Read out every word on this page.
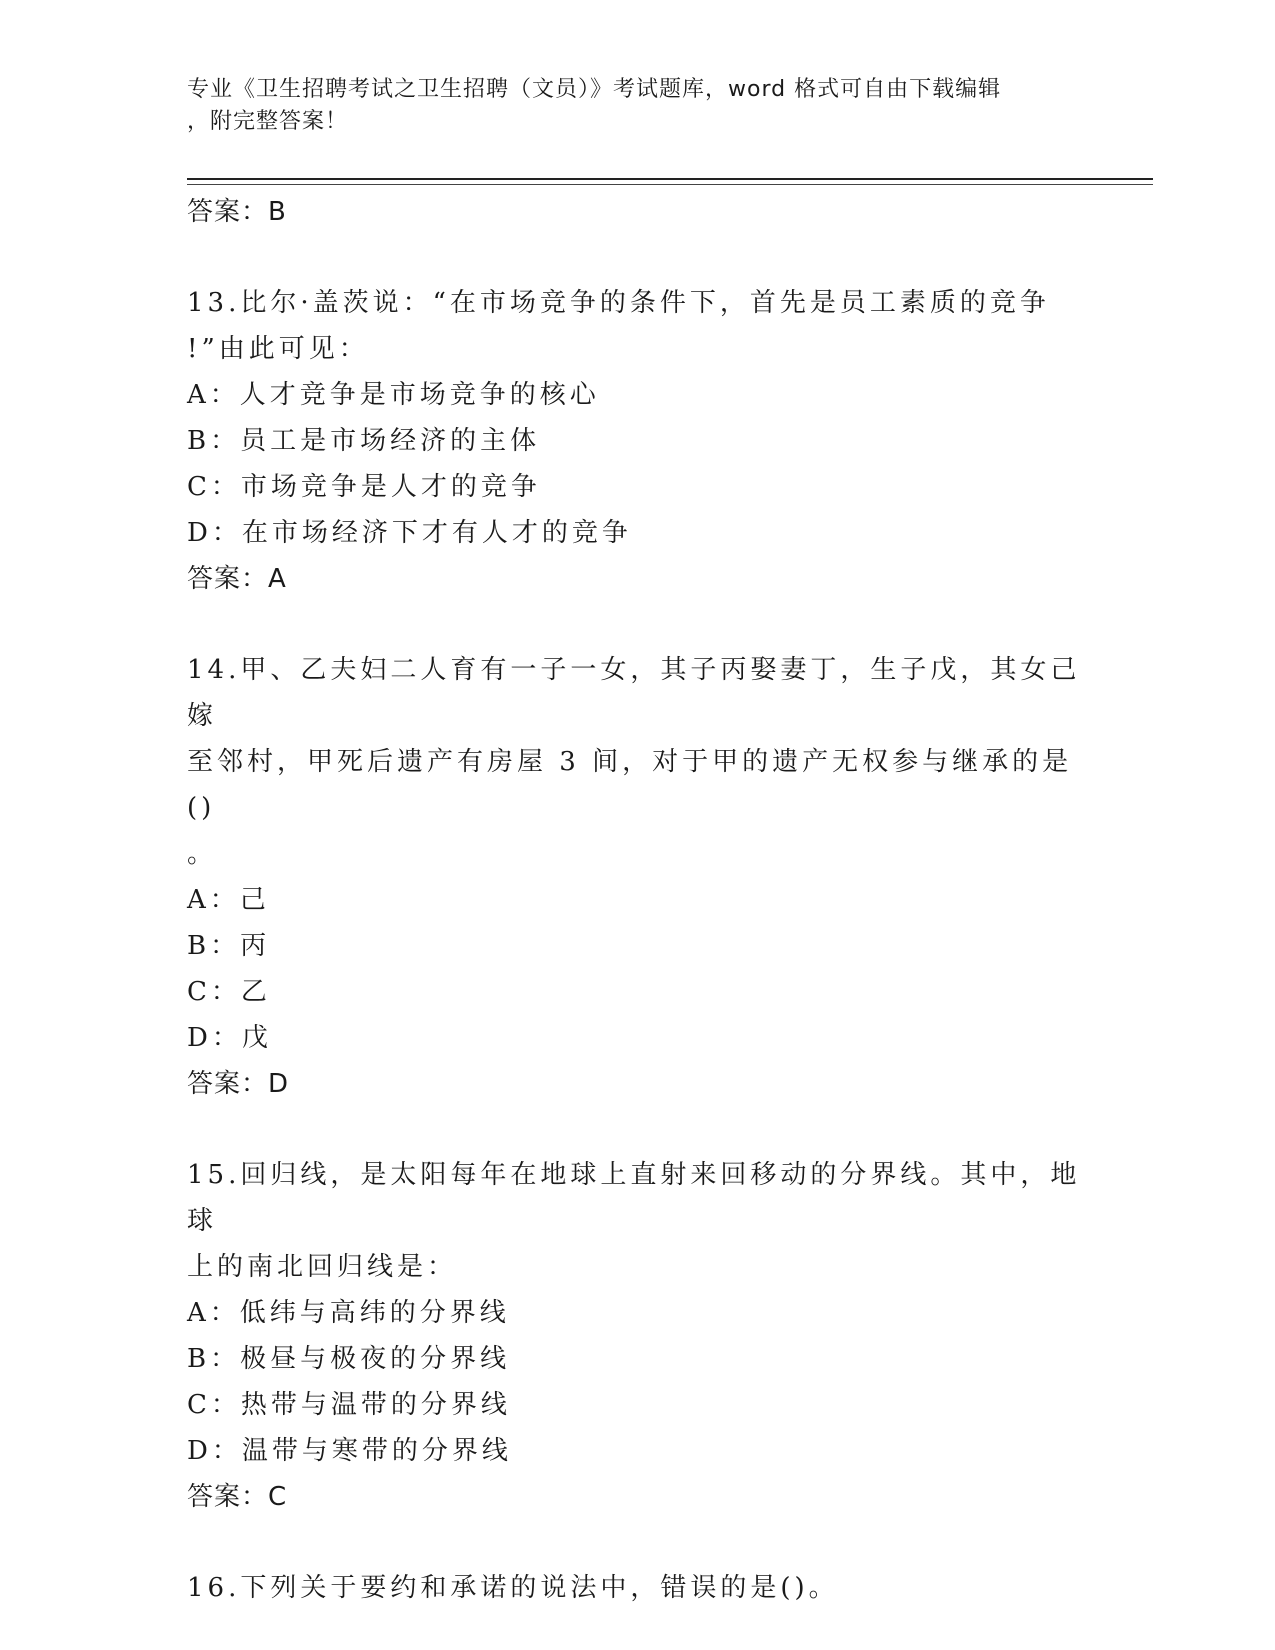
专业《卫生招聘考试之卫生招聘（文员）》考试题库，word 格式可自由下载编辑
，附完整答案！
答案：B
13.比尔·盖茨说：“在市场竞争的条件下，首先是员工素质的竞争
!”由此可见：
A：人才竞争是市场竞争的核心
B：员工是市场经济的主体
C：市场竞争是人才的竞争
D：在市场经济下才有人才的竞争
答案：A
14.甲、乙夫妇二人育有一子一女，其子丙娶妻丁，生子戊，其女己嫁
至邻村，甲死后遗产有房屋 3 间，对于甲的遗产无权参与继承的是()
。
A：己
B：丙
C：乙
D：戊
答案：D
15.回归线，是太阳每年在地球上直射来回移动的分界线。其中，地球
上的南北回归线是：
A：低纬与高纬的分界线
B：极昼与极夜的分界线
C：热带与温带的分界线
D：温带与寒带的分界线
答案：C
16.下列关于要约和承诺的说法中，错误的是()。
